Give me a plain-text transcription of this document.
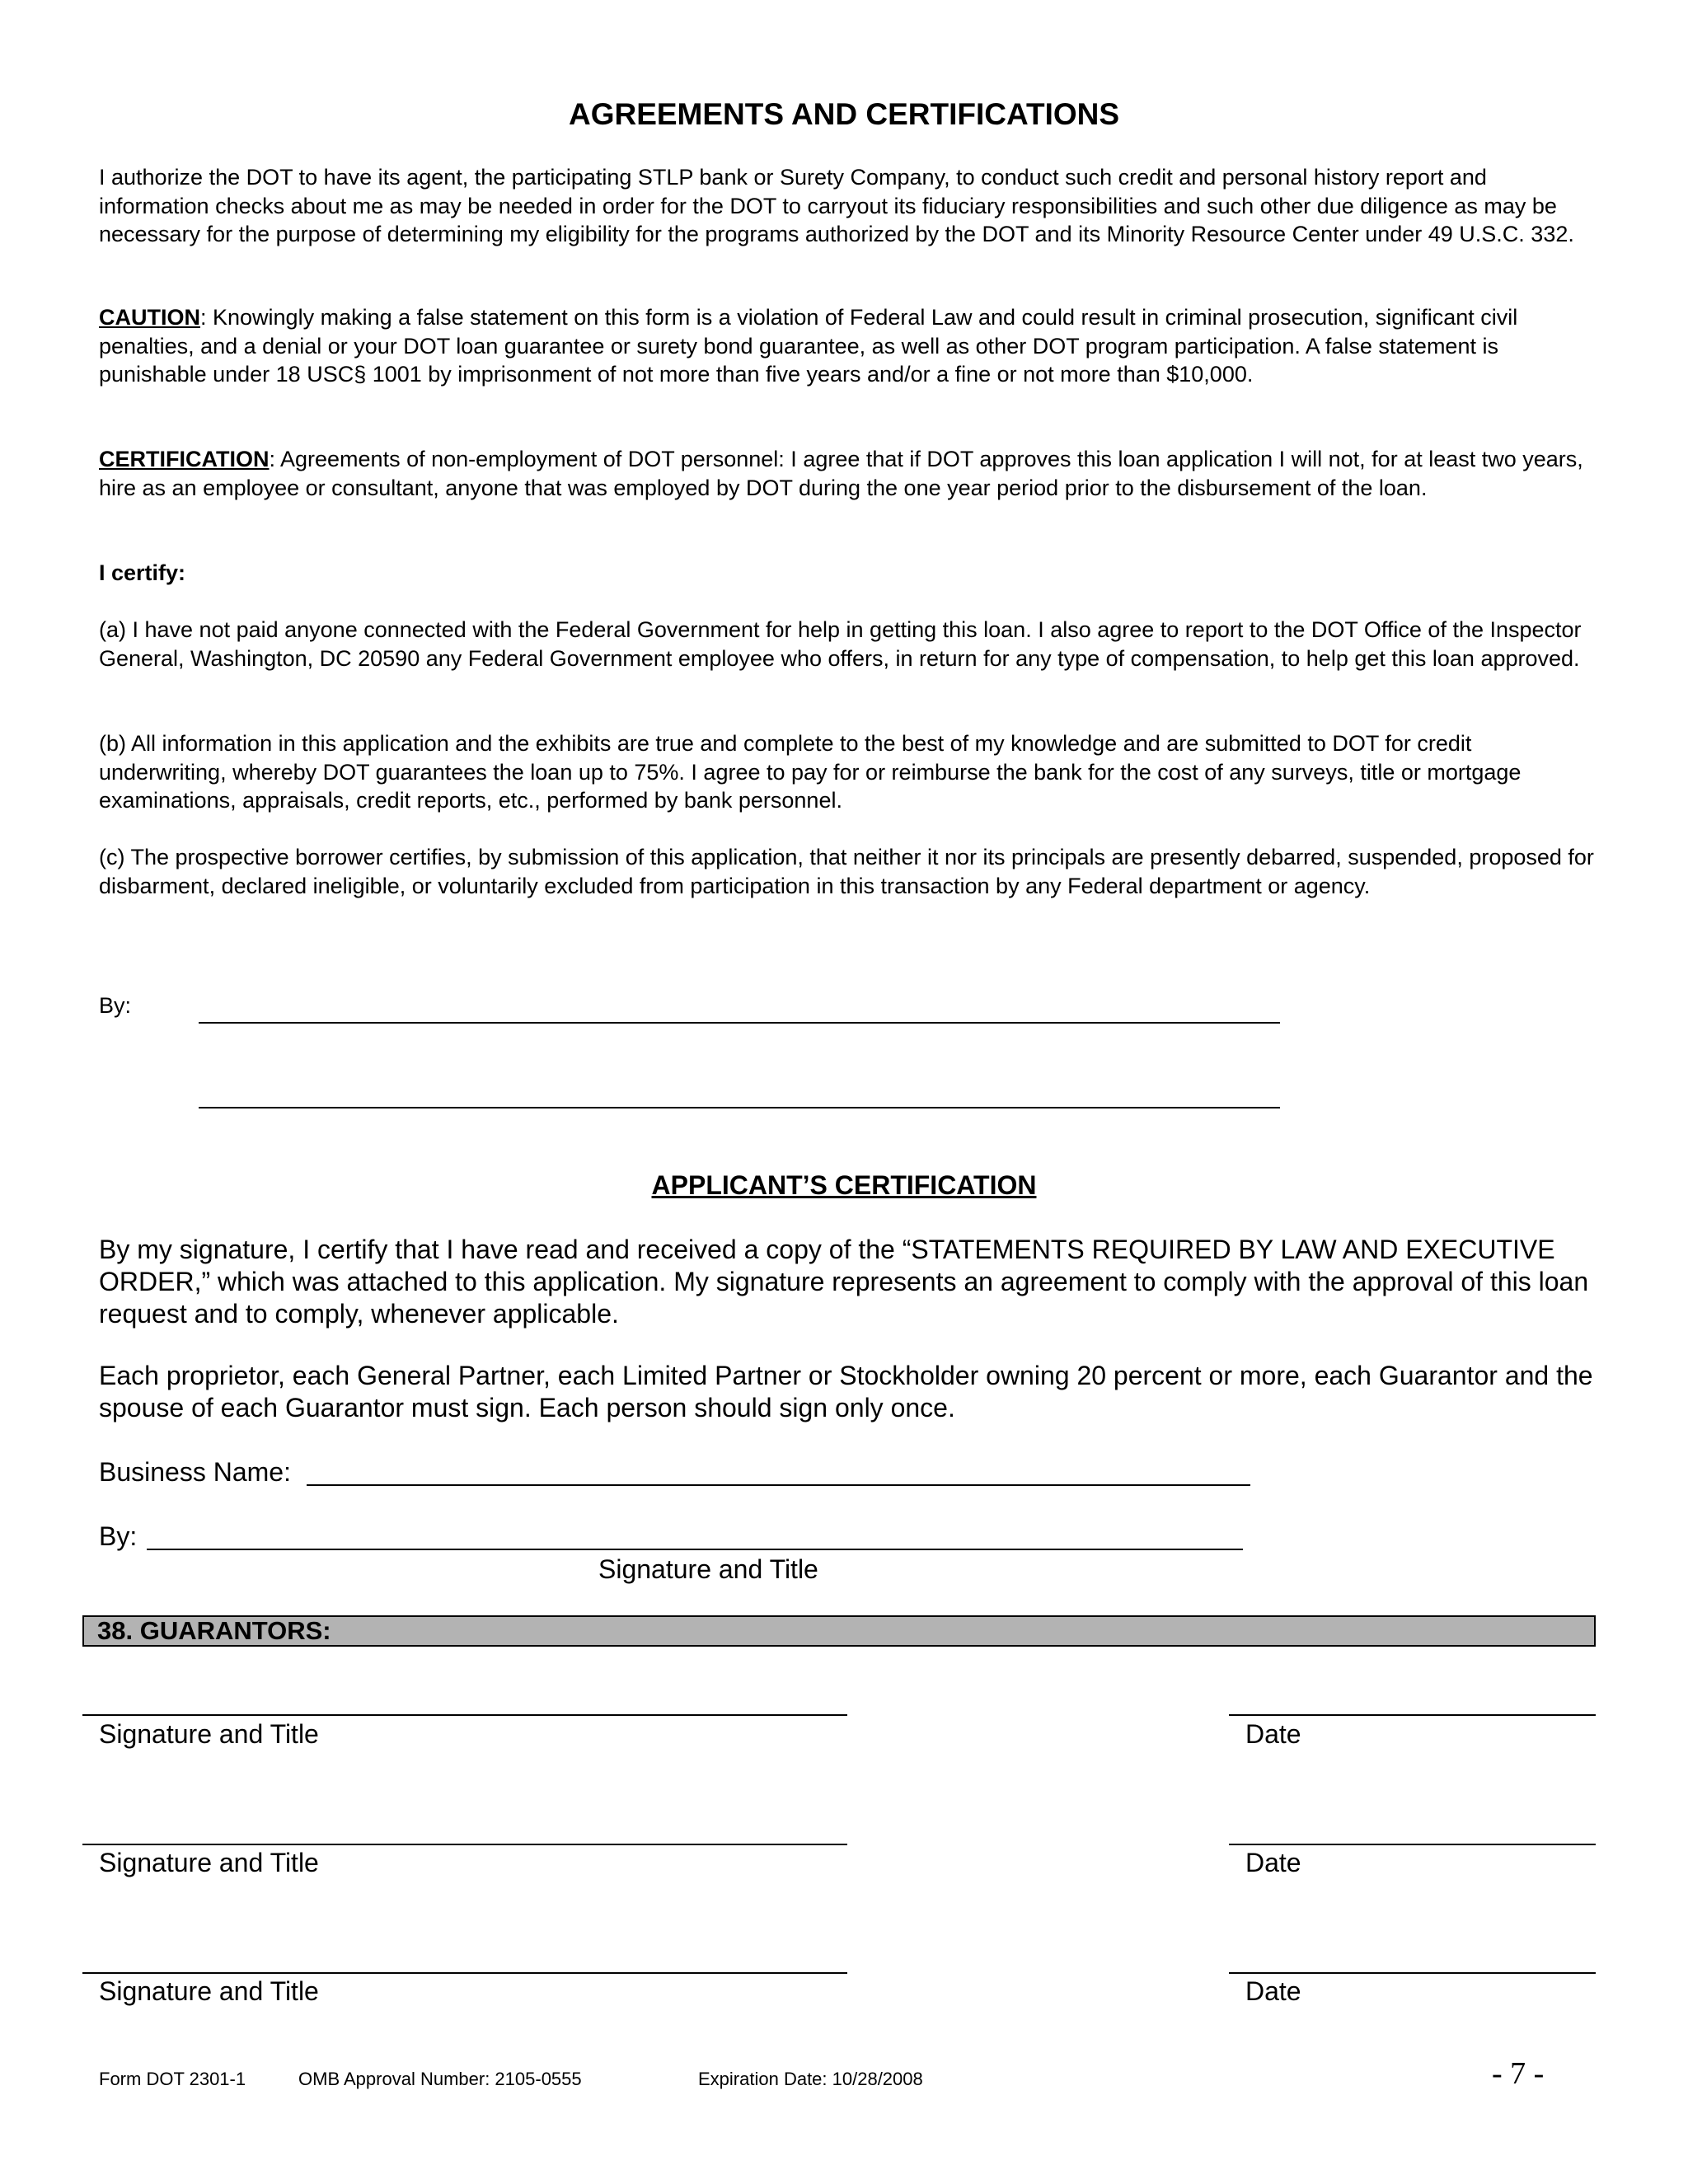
AGREEMENTS AND CERTIFICATIONS

I authorize the DOT to have its agent, the participating STLP bank or Surety Company, to conduct such credit and personal history report and information checks about me as may be needed in order for the DOT to carryout its fiduciary responsibilities and such other due diligence as may be necessary for the purpose of determining my eligibility for the programs authorized by the DOT and its Minority Resource Center under 49 U.S.C. 332.

CAUTION: Knowingly making a false statement on this form is a violation of Federal Law and could result in criminal prosecution, significant civil penalties, and a denial or your DOT loan guarantee or surety bond guarantee, as well as other DOT program participation. A false statement is punishable under 18 USC§ 1001 by imprisonment of not more than five years and/or a fine or not more than $10,000.

CERTIFICATION: Agreements of non-employment of DOT personnel: I agree that if DOT approves this loan application I will not, for at least two years, hire as an employee or consultant, anyone that was employed by DOT during the one year period prior to the disbursement of the loan.

I certify:

(a) I have not paid anyone connected with the Federal Government for help in getting this loan. I also agree to report to the DOT Office of the Inspector General, Washington, DC 20590 any Federal Government employee who offers, in return for any type of compensation, to help get this loan approved.

(b) All information in this application and the exhibits are true and complete to the best of my knowledge and are submitted to DOT for credit underwriting, whereby DOT guarantees the loan up to 75%. I agree to pay for or reimburse the bank for the cost of any surveys, title or mortgage examinations, appraisals, credit reports, etc., performed by bank personnel.

(c) The prospective borrower certifies, by submission of this application, that neither it nor its principals are presently debarred, suspended, proposed for disbarment, declared ineligible, or voluntarily excluded from participation in this transaction by any Federal department or agency.

By:
APPLICANT’S CERTIFICATION

By my signature, I certify that I have read and received a copy of the “STATEMENTS REQUIRED BY LAW AND EXECUTIVE ORDER,” which was attached to this application. My signature represents an agreement to comply with the approval of this loan request and to comply, whenever applicable.

Each proprietor, each General Partner, each Limited Partner or Stockholder owning 20 percent or more, each Guarantor and the spouse of each Guarantor must sign. Each person should sign only once.

Business Name:
By:
Signature and Title
38. GUARANTORS:
Signature and Title	Date
Signature and Title	Date
Signature and Title	Date
Form DOT 2301-1	OMB Approval Number: 2105-0555	Expiration Date: 10/28/2008	- 7 -
